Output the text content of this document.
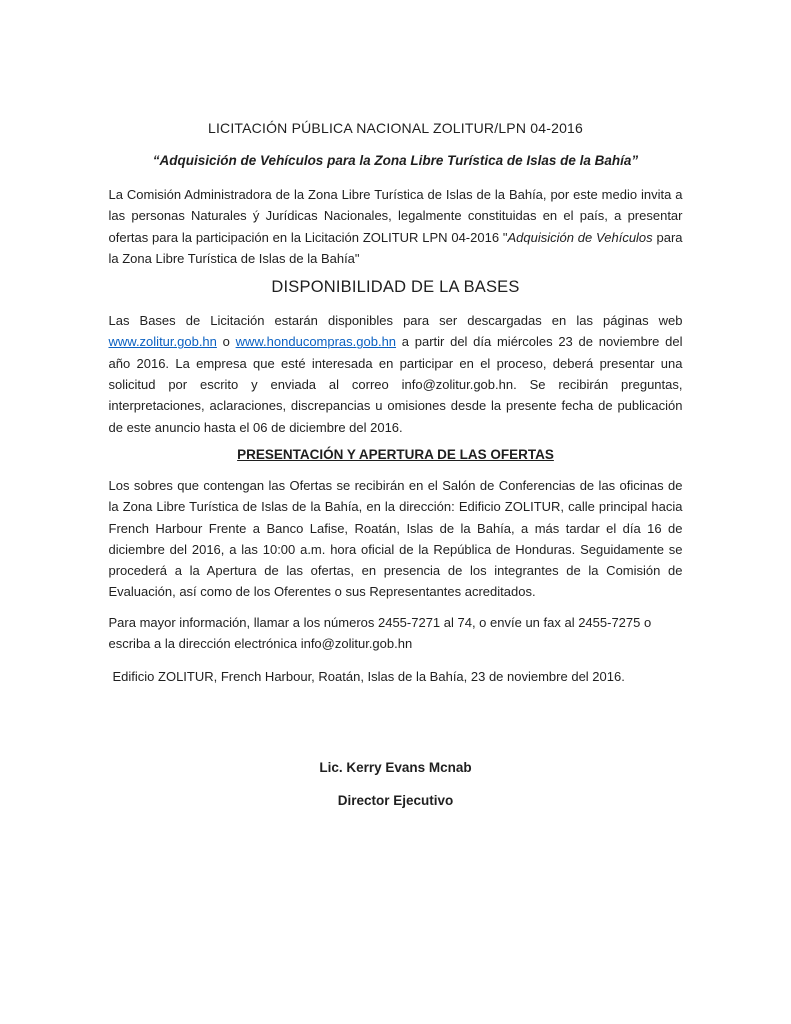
LICITACIÓN PÚBLICA NACIONAL ZOLITUR/LPN 04-2016

“Adquisición de Vehículos para la Zona Libre Turística de Islas de la Bahía”

La Comisión Administradora de la Zona Libre Turística de Islas de la Bahía, por este medio invita a las personas Naturales ý Jurídicas Nacionales, legalmente constituidas en el país, a presentar ofertas para la participación en la Licitación ZOLITUR LPN 04-2016 "Adquisición de Vehículos para la Zona Libre Turística de Islas de la Bahía"

DISPONIBILIDAD DE LA BASES

Las Bases de Licitación estarán disponibles para ser descargadas en las páginas web www.zolitur.gob.hn o www.honducompras.gob.hn a partir del día miércoles 23 de noviembre del año 2016. La empresa que esté interesada en participar en el proceso, deberá presentar una solicitud por escrito y enviada al correo info@zolitur.gob.hn. Se recibirán preguntas, interpretaciones, aclaraciones, discrepancias u omisiones desde la presente fecha de publicación de este anuncio hasta el 06 de diciembre del 2016.

PRESENTACIÓN Y APERTURA DE LAS OFERTAS

Los sobres que contengan las Ofertas se recibirán en el Salón de Conferencias de las oficinas de la Zona Libre Turística de Islas de la Bahía, en la dirección: Edificio ZOLITUR, calle principal hacia French Harbour Frente a Banco Lafise, Roatán, Islas de la Bahía, a más tardar el día 16 de diciembre del 2016, a las 10:00 a.m. hora oficial de la República de Honduras. Seguidamente se procederá a la Apertura de las ofertas, en presencia de los integrantes de la Comisión de Evaluación, así como de los Oferentes o sus Representantes acreditados.

Para mayor información, llamar a los números 2455-7271 al 74, o envíe un fax al 2455-7275 o escriba a la dirección electrónica info@zolitur.gob.hn

Edificio ZOLITUR, French Harbour, Roatán, Islas de la Bahía, 23 de noviembre del 2016.

Lic. Kerry Evans Mcnab

Director Ejecutivo
